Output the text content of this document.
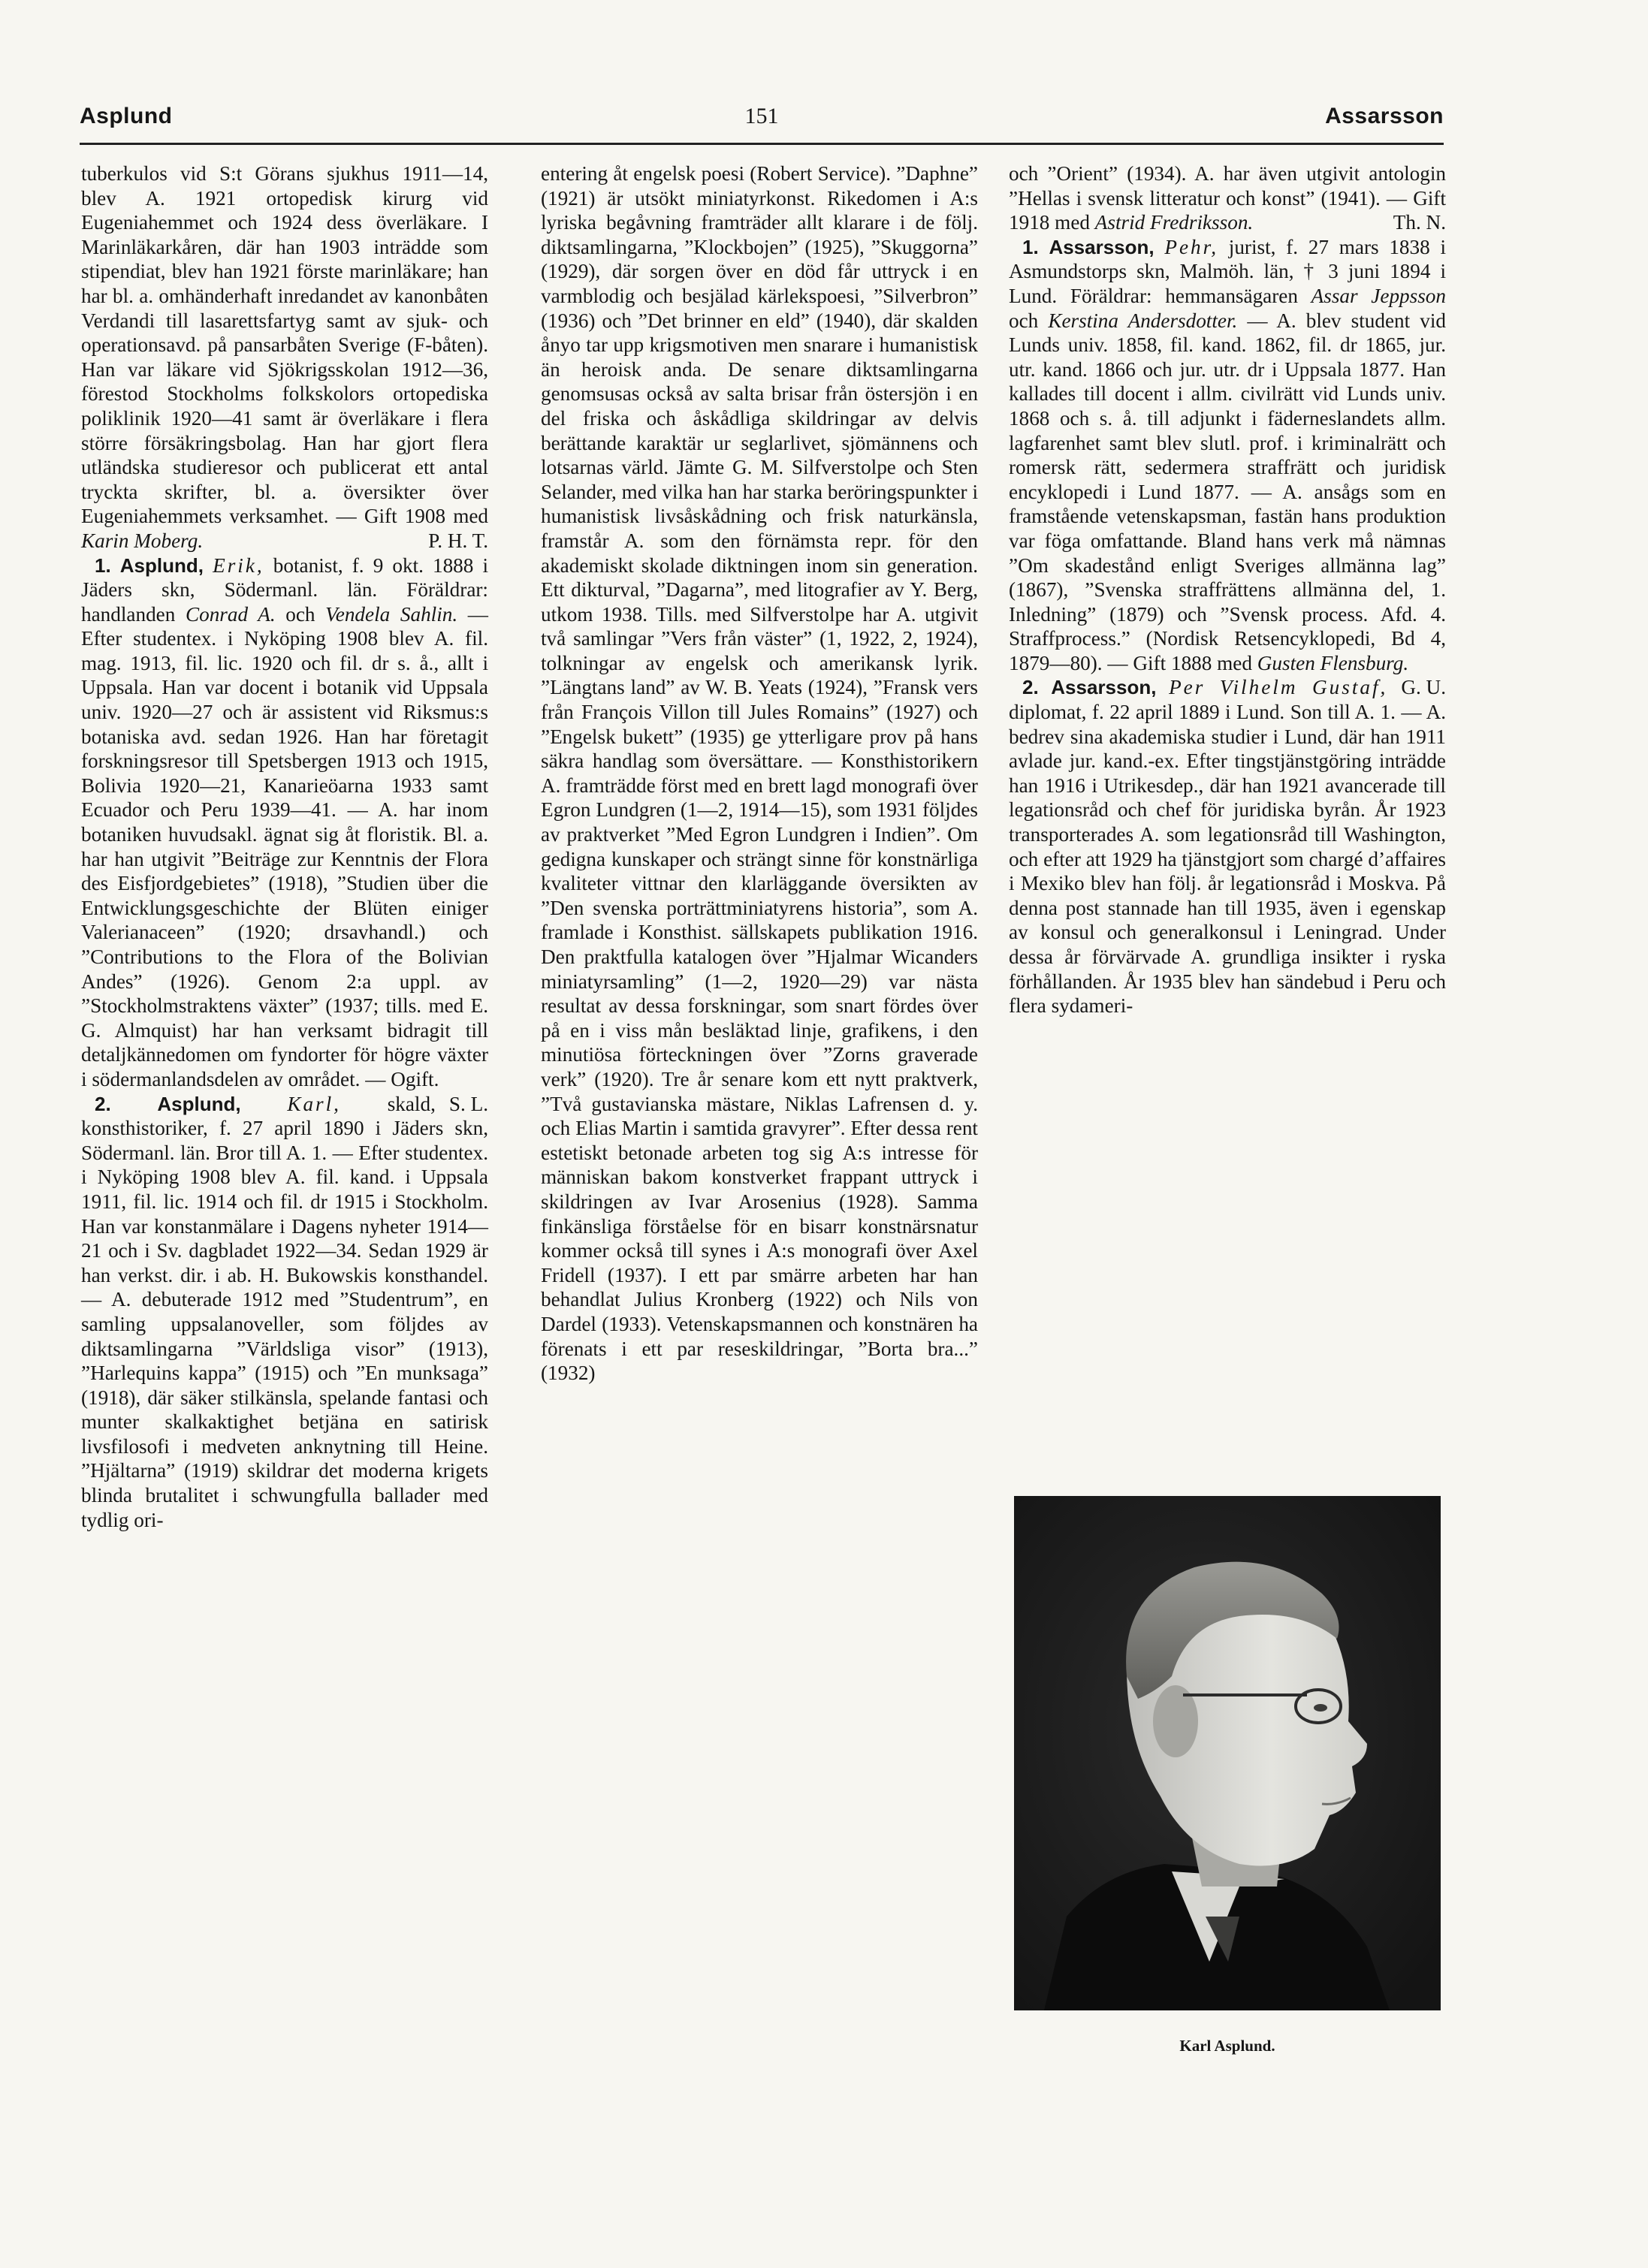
Asplund	151	Assarsson

tuberkulos vid S:t Görans sjukhus 1911—14, blev A. 1921 ortopedisk kirurg vid Eugeniahemmet och 1924 dess överläkare. I Marinläkarkåren, där han 1903 inträdde som stipendiat, blev han 1921 förste marinläkare; han har bl. a. omhänderhaft inredandet av kanonbåten Verdandi till lasarettsfartyg samt av sjuk- och operationsavd. på pansarbåten Sverige (F-båten). Han var läkare vid Sjökrigsskolan 1912—36, förestod Stockholms folkskolors ortopediska poliklinik 1920—41 samt är överläkare i flera större försäkringsbolag. Han har gjort flera utländska studieresor och publicerat ett antal tryckta skrifter, bl. a. översikter över Eugeniahemmets verksamhet. — Gift 1908 med Karin Moberg.	P. H. T.

1. Asplund, Erik, botanist, f. 9 okt. 1888 i Jäders skn, Södermanl. län. Föräldrar: handlanden Conrad A. och Vendela Sahlin. — Efter studentex. i Nyköping 1908 blev A. fil. mag. 1913, fil. lic. 1920 och fil. dr s. å., allt i Uppsala. Han var docent i botanik vid Uppsala univ. 1920—27 och är assistent vid Riksmus:s botaniska avd. sedan 1926. Han har företagit forskningsresor till Spetsbergen 1913 och 1915, Bolivia 1920—21, Kanarieöarna 1933 samt Ecuador och Peru 1939—41. — A. har inom botaniken huvudsakl. ägnat sig åt floristik. Bl. a. har han utgivit ”Beiträge zur Kenntnis der Flora des Eisfjordgebietes” (1918), ”Studien über die Entwicklungsgeschichte der Blüten einiger Valerianaceen” (1920; drsavhandl.) och ”Contributions to the Flora of the Bolivian Andes” (1926). Genom 2:a uppl. av ”Stockholmstraktens växter” (1937; tills. med E. G. Almquist) har han verksamt bidragit till detaljkännedomen om fyndorter för högre växter i södermanlandsdelen av området. — Ogift.
S. L.

2. Asplund, Karl, skald, konsthistoriker, f. 27 april 1890 i Jäders skn, Södermanl. län. Bror till A. 1. — Efter studentex. i Nyköping 1908 blev A. fil. kand. i Uppsala 1911, fil. lic. 1914 och fil. dr 1915 i Stockholm. Han var konstanmälare i Dagens nyheter 1914—21 och i Sv. dagbladet 1922—34. Sedan 1929 är han verkst. dir. i ab. H. Bukowskis konsthandel. — A. debuterade 1912 med ”Studentrum”, en samling uppsalanoveller, som följdes av diktsamlingarna ”Världsliga visor” (1913), ”Harlequins kappa” (1915) och ”En munksaga” (1918), där säker stilkänsla, spelande fantasi och munter skalkaktighet betjäna en satirisk livsfilosofi i medveten anknytning till Heine. ”Hjältarna” (1919) skildrar det moderna krigets blinda brutalitet i schwungfulla ballader med tydlig ori-

entering åt engelsk poesi (Robert Service). ”Daphne” (1921) är utsökt miniatyrkonst. Rikedomen i A:s lyriska begåvning framträder allt klarare i de följ. diktsamlingarna, ”Klockbojen” (1925), ”Skuggorna” (1929), där sorgen över en död får uttryck i en varmblodig och besjälad kärlekspoesi, ”Silverbron” (1936) och ”Det brinner en eld” (1940), där skalden ånyo tar upp krigsmotiven men snarare i humanistisk än heroisk anda. De senare diktsamlingarna genomsusas också av salta brisar från östersjön i en del friska och åskådliga skildringar av delvis berättande karaktär ur seglarlivet, sjömännens och lotsarnas värld. Jämte G. M. Silfverstolpe och Sten Selander, med vilka han har starka beröringspunkter i humanistisk livsåskådning och frisk naturkänsla, framstår A. som den förnämsta repr. för den akademiskt skolade diktningen inom sin generation. Ett dikturval, ”Dagarna”, med litografier av Y. Berg, utkom 1938. Tills. med Silfverstolpe har A. utgivit två samlingar ”Vers från väster” (1, 1922, 2, 1924), tolkningar av engelsk och amerikansk lyrik. ”Längtans land” av W. B. Yeats (1924), ”Fransk vers från François Villon till Jules Romains” (1927) och ”Engelsk bukett” (1935) ge ytterligare prov på hans säkra handlag som översättare. — Konsthistorikern A. framträdde först med en brett lagd monografi över Egron Lundgren (1—2, 1914—15), som 1931 följdes av praktverket ”Med Egron Lundgren i Indien”. Om gedigna kunskaper och strängt sinne för konstnärliga kvaliteter vittnar den klarläggande översikten av ”Den svenska porträttminiatyrens historia”, som A. framlade i Konsthist. sällskapets publikation 1916. Den praktfulla katalogen över ”Hjalmar Wicanders miniatyrsamling” (1—2, 1920—29) var nästa resultat av dessa forskningar, som snart fördes över på en i viss mån besläktad linje, grafikens, i den minutiösa förteckningen över ”Zorns graverade verk” (1920). Tre år senare kom ett nytt praktverk, ”Två gustavianska mästare, Niklas Lafrensen d. y. och Elias Martin i samtida gravyrer”. Efter dessa rent estetiskt betonade arbeten tog sig A:s intresse för människan bakom konstverket frappant uttryck i skildringen av Ivar Arosenius (1928). Samma finkänsliga förståelse för en bisarr konstnärsnatur kommer också till synes i A:s monografi över Axel Fridell (1937). I ett par smärre arbeten har han behandlat Julius Kronberg (1922) och Nils von Dardel (1933). Vetenskapsmannen och konstnären ha förenats i ett par reseskildringar, ”Borta bra...” (1932)

och ”Orient” (1934). A. har även utgivit antologin ”Hellas i svensk litteratur och konst” (1941). — Gift 1918 med Astrid Fredriksson.	Th. N.

1. Assarsson, Pehr, jurist, f. 27 mars 1838 i Asmundstorps skn, Malmöh. län, † 3 juni 1894 i Lund. Föräldrar: hemmansägaren Assar Jeppsson och Kerstina Andersdotter. — A. blev student vid Lunds univ. 1858, fil. kand. 1862, fil. dr 1865, jur. utr. kand. 1866 och jur. utr. dr i Uppsala 1877. Han kallades till docent i allm. civilrätt vid Lunds univ. 1868 och s. å. till adjunkt i fäderneslandets allm. lagfarenhet samt blev slutl. prof. i kriminalrätt och romersk rätt, sedermera straffrätt och juridisk encyklopedi i Lund 1877. — A. ansågs som en framstående vetenskapsman, fastän hans produktion var föga omfattande. Bland hans verk må nämnas ”Om skadestånd enligt Sveriges allmänna lag” (1867), ”Svenska straffrättens allmänna del, 1. Inledning” (1879) och ”Svensk process. Afd. 4. Straffprocess.” (Nordisk Retsencyklopedi, Bd 4, 1879—80). — Gift 1888 med Gusten Flensburg.
G. U.

2. Assarsson, Per Vilhelm Gustaf, diplomat, f. 22 april 1889 i Lund. Son till A. 1. — A. bedrev sina akademiska studier i Lund, där han 1911 avlade jur. kand.-ex. Efter tingstjänstgöring inträdde han 1916 i Utrikesdep., där han 1921 avancerade till legationsråd och chef för juridiska byrån. År 1923 transporterades A. som legationsråd till Washington, och efter att 1929 ha tjänstgjort som chargé d’affaires i Mexiko blev han följ. år legationsråd i Moskva. På denna post stannade han till 1935, även i egenskap av konsul och generalkonsul i Leningrad. Under dessa år förvärvade A. grundliga insikter i ryska förhållanden. År 1935 blev han sändebud i Peru och flera sydameri-

Karl Asplund.
